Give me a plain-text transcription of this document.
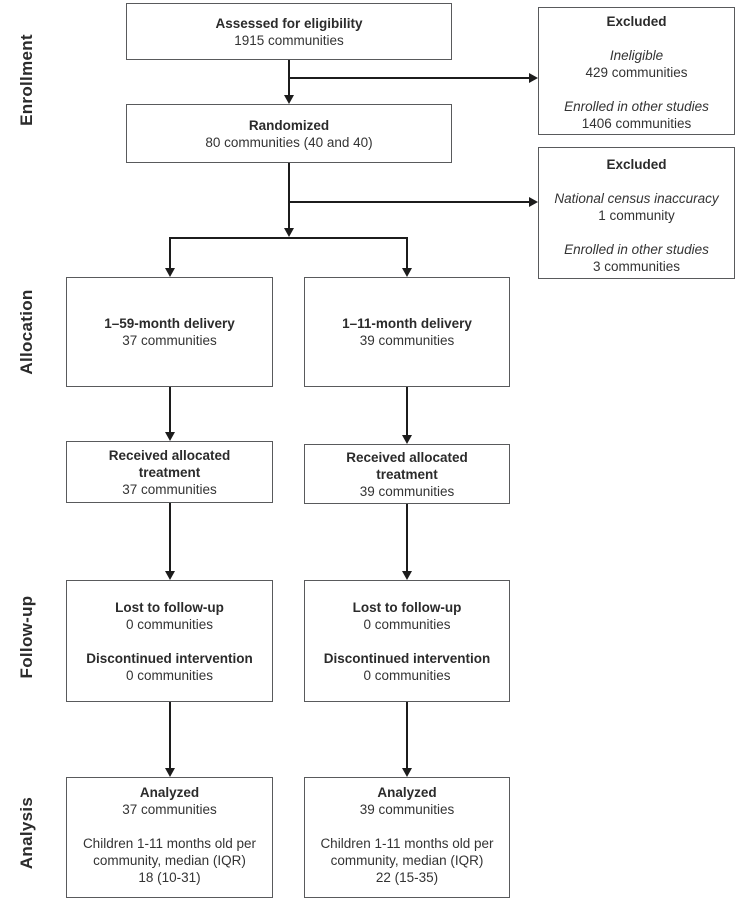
Enrollment
Allocation
Follow-up
Analysis
Assessed for eligibility
1915 communities
Randomized
80 communities (40 and 40)
Excluded
Ineligible
429 communities
Enrolled in other studies
1406 communities
Excluded
National census inaccuracy
1 community
Enrolled in other studies
3 communities
1–59-month delivery
37 communities
1–11-month delivery
39 communities
Received allocated treatment
37 communities
Received allocated treatment
39 communities
Lost to follow-up
0 communities
Discontinued intervention
0 communities
Lost to follow-up
0 communities
Discontinued intervention
0 communities
Analyzed
37 communities
Children 1-11 months old per community, median (IQR)
18 (10-31)
Analyzed
39 communities
Children 1-11 months old per community, median (IQR)
22 (15-35)
